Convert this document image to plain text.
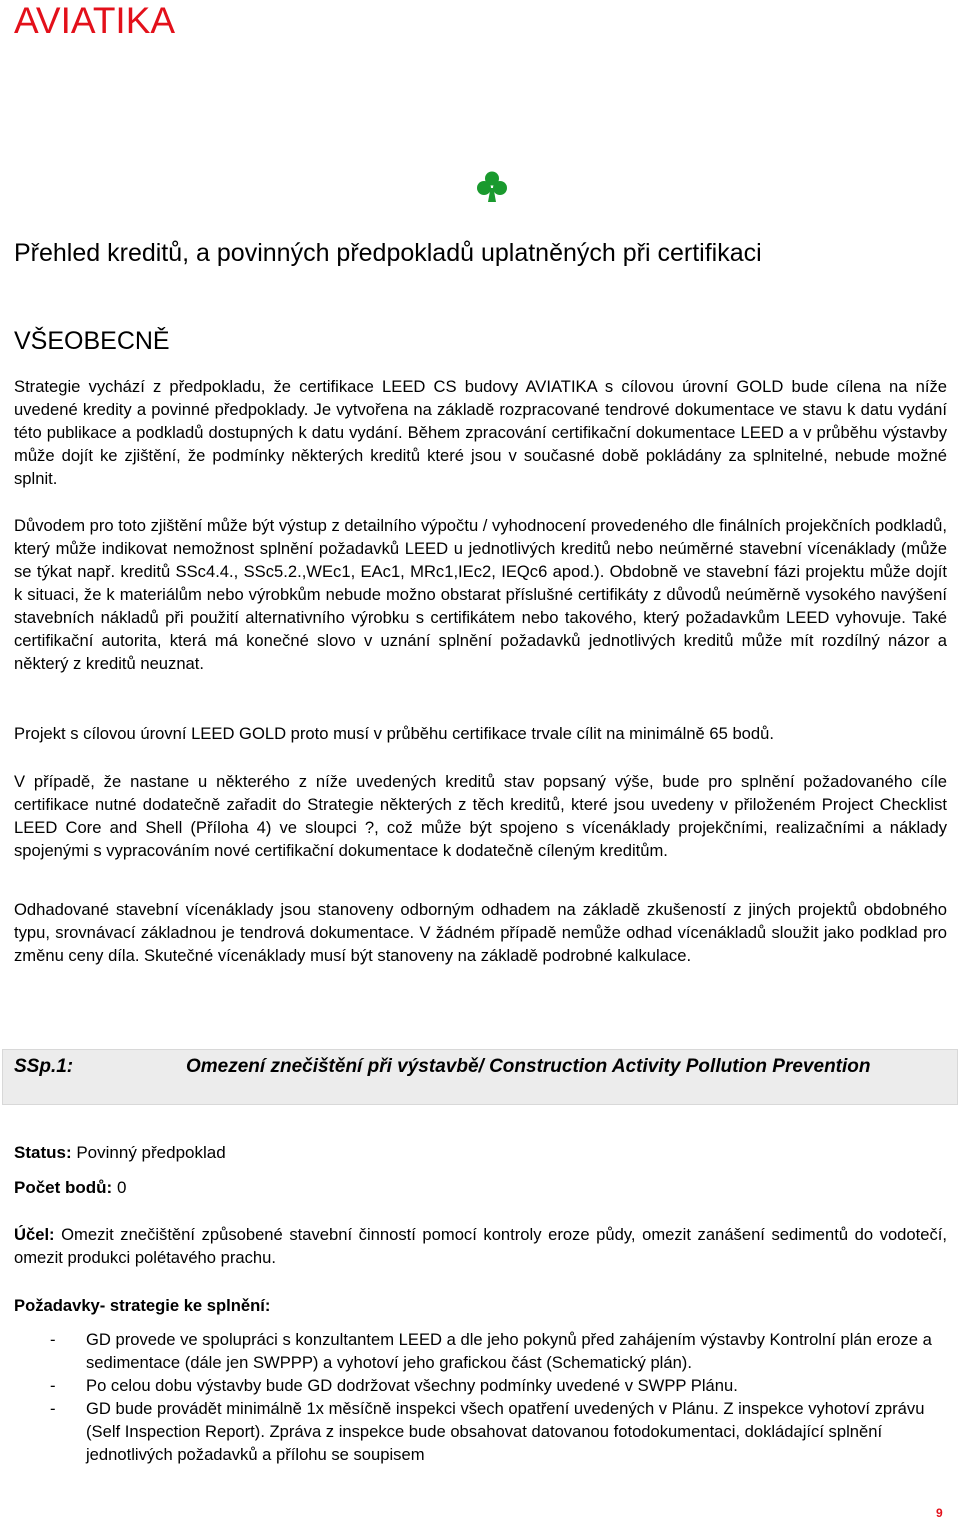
AVIATIKA
Přehled kreditů, a povinných předpokladů uplatněných při certifikaci
VŠEOBECNĚ

Strategie vychází z předpokladu, že certifikace LEED CS budovy AVIATIKA s cílovou úrovní GOLD bude cílena na níže uvedené kredity a povinné předpoklady. Je vytvořena na základě rozpracované tendrové dokumentace ve stavu k datu vydání této publikace a podkladů dostupných k datu vydání. Během zpracování certifikační dokumentace LEED a v průběhu výstavby může dojít ke zjištění, že podmínky některých kreditů které jsou v současné době pokládány za splnitelné, nebude možné splnit.

Důvodem pro toto zjištění může být výstup z detailního výpočtu / vyhodnocení provedeného dle finálních projekčních podkladů, který může indikovat nemožnost splnění požadavků LEED u jednotlivých kreditů nebo neúměrné stavební vícenáklady (může se týkat např. kreditů SSc4.4., SSc5.2.,WEc1, EAc1, MRc1,IEc2, IEQc6 apod.). Obdobně ve stavební fázi projektu může dojít k situaci, že k materiálům nebo výrobkům nebude možno obstarat příslušné certifikáty z důvodů neúměrně vysokého navýšení stavebních nákladů při použití alternativního výrobku s certifikátem nebo takového, který požadavkům LEED vyhovuje. Také certifikační autorita, která má konečné slovo v uznání splnění požadavků jednotlivých kreditů může mít rozdílný názor a některý z kreditů neuznat.

Projekt s cílovou úrovní LEED GOLD proto musí v průběhu certifikace trvale cílit na minimálně 65 bodů.

V případě, že nastane u některého z níže uvedených kreditů stav popsaný výše, bude pro splnění požadovaného cíle certifikace nutné dodatečně zařadit do Strategie některých z těch kreditů, které jsou uvedeny v přiloženém Project Checklist LEED Core and Shell (Příloha 4) ve sloupci ?, což může být spojeno s vícenáklady projekčními, realizačními a náklady spojenými s vypracováním nové certifikační dokumentace k dodatečně cíleným kreditům.

Odhadované stavební vícenáklady jsou stanoveny odborným odhadem na základě zkušeností z jiných projektů obdobného typu, srovnávací základnou je tendrová dokumentace. V žádném případě nemůže odhad vícenákladů sloužit jako podklad pro změnu ceny díla. Skutečné vícenáklady musí být stanoveny na základě podrobné kalkulace.

SSp.1:	Omezení znečištění při výstavbě/ Construction Activity Pollution Prevention

Status: Povinný předpoklad

Počet bodů: 0

Účel: Omezit znečištění způsobené stavební činností pomocí kontroly eroze půdy, omezit zanášení sedimentů do vodotečí, omezit produkci polétavého prachu.

Požadavky- strategie ke splnění:

- GD provede ve spolupráci s konzultantem LEED a dle jeho pokynů před zahájením výstavby Kontrolní plán eroze a sedimentace (dále jen SWPPP) a vyhotoví jeho grafickou část (Schematický plán).
- Po celou dobu výstavby bude GD dodržovat všechny podmínky uvedené v SWPP Plánu.
- GD bude provádět minimálně 1x měsíčně inspekci všech opatření uvedených v Plánu. Z inspekce vyhotoví zprávu (Self Inspection Report). Zpráva z inspekce bude obsahovat datovanou fotodokumentaci, dokládající splnění jednotlivých požadavků a přílohu se soupisem
9
